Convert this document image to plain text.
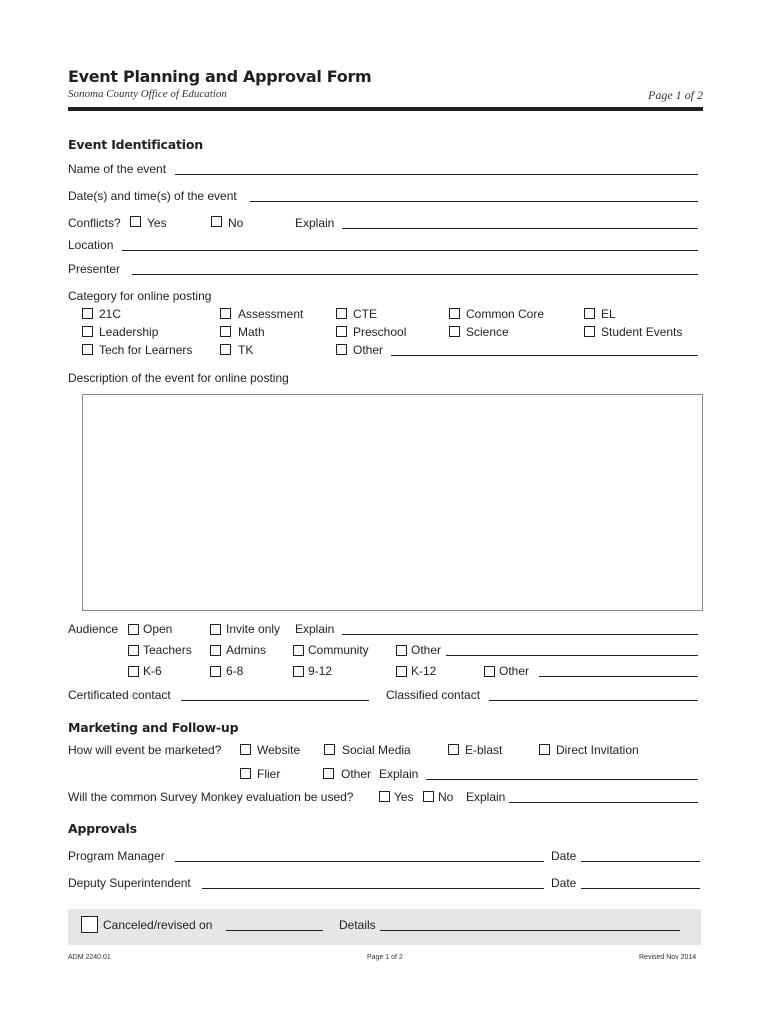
Event Planning and Approval Form
Sonoma County Office of Education	Page 1 of 2
Event Identification
Name of the event
Date(s) and time(s) of the event
Conflicts? Yes	No	Explain
Location
Presenter
Category for online posting
21C	Assessment	CTE	Common Core	EL
Leadership	Math	Preschool	Science	Student Events
Tech for Learners	TK	Other
Description of the event for online posting
Audience Open	Invite only Explain
Teachers	Admins	Community	Other
K-6	6-8	9-12	K-12	Other
Certificated contact	Classified contact
Marketing and Follow-up
How will event be marketed?	Website	Social Media	E-blast	Direct Invitation
Flier	Other Explain
Will the common Survey Monkey evaluation be used?	Yes No Explain
Approvals
Program Manager	Date
Deputy Superintendent	Date
Canceled/revised on	Details
ADM 2240.01	Page 1 of 2	Revised Nov 2014
